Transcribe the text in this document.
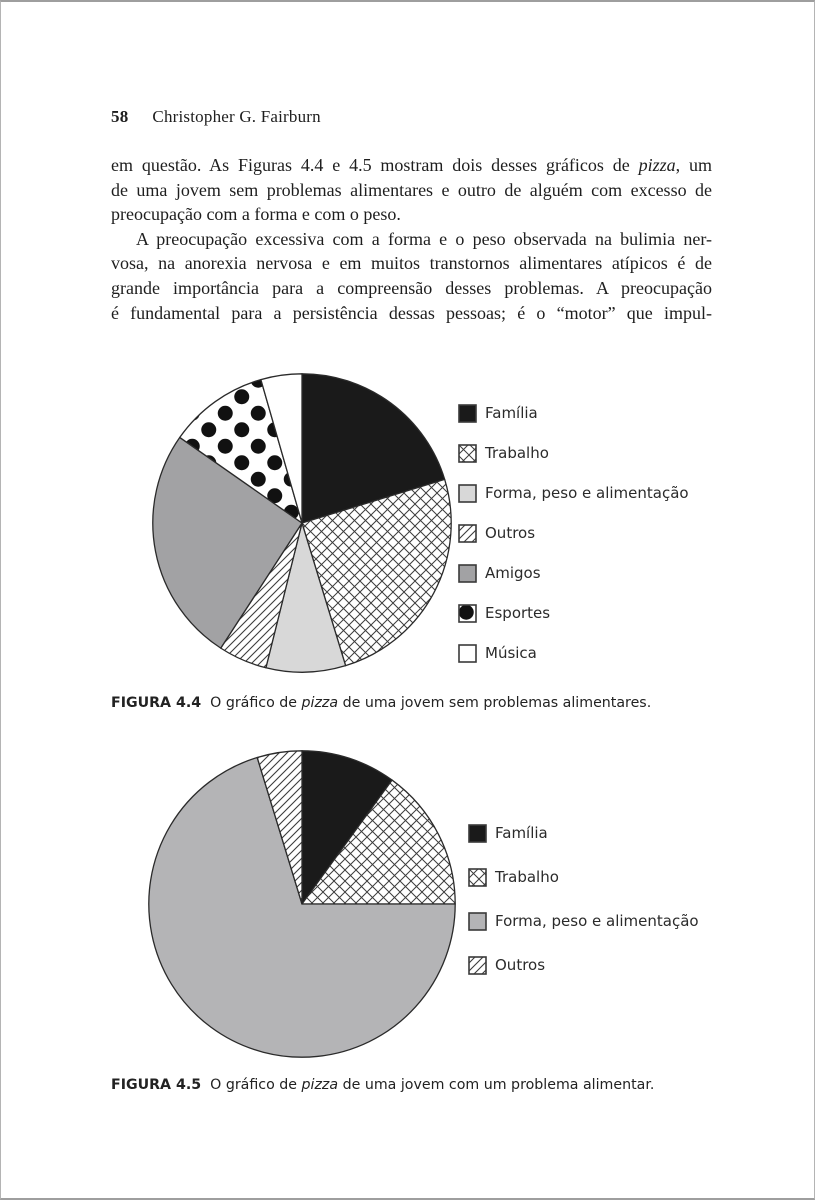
58 Christopher G. Fairburn
em questão. As Figuras 4.4 e 4.5 mostram dois desses gráficos de pizza, um
de uma jovem sem problemas alimentares e outro de alguém com excesso de
preocupação com a forma e com o peso.
A preocupação excessiva com a forma e o peso observada na bulimia ner-
vosa, na anorexia nervosa e em muitos transtornos alimentares atípicos é de
grande importância para a compreensão desses problemas. A preocupação
é fundamental para a persistência dessas pessoas; é o “motor” que impul-
Família
Trabalho
Forma, peso e alimentação
Outros
Amigos
Esportes
Música
FIGURA 4.4  O gráfico de pizza de uma jovem sem problemas alimentares.
Família
Trabalho
Forma, peso e alimentação
Outros
FIGURA 4.5  O gráfico de pizza de uma jovem com um problema alimentar.
